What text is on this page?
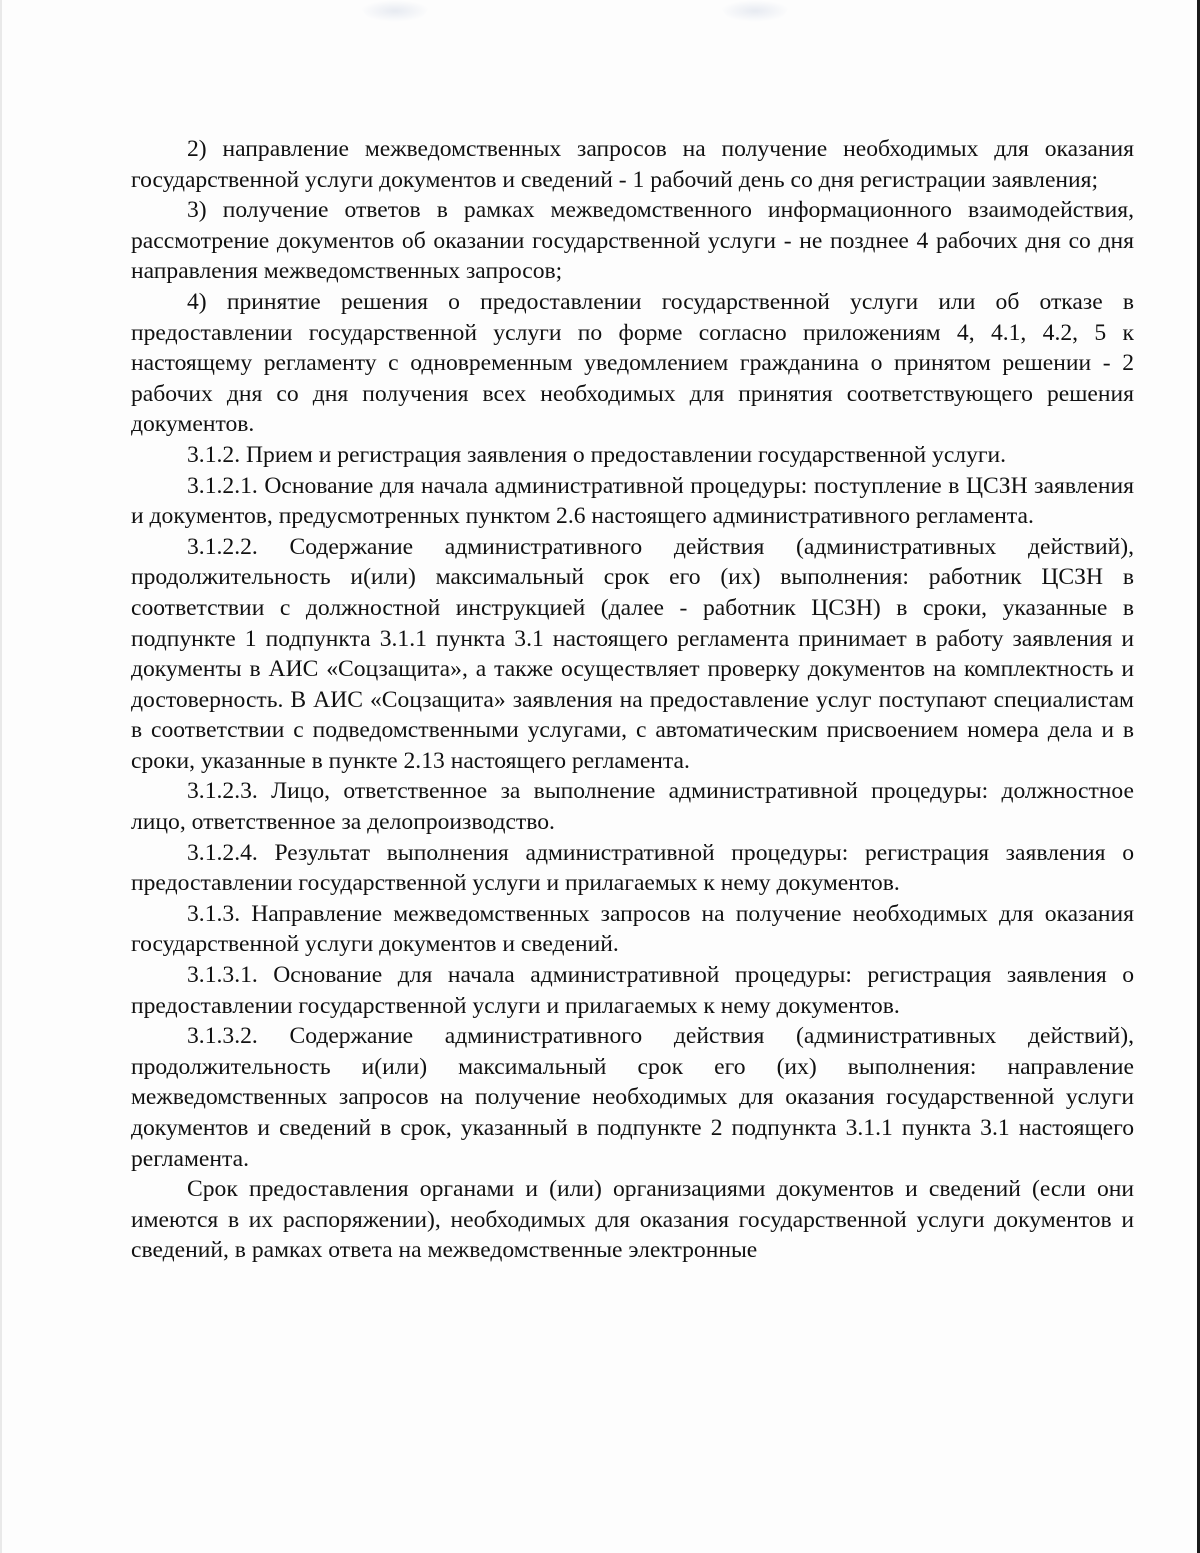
2) направление межведомственных запросов на получение необходимых для оказания государственной услуги документов и сведений - 1 рабочий день со дня регистрации заявления;

3) получение ответов в рамках межведомственного информационного взаимодействия, рассмотрение документов об оказании государственной услуги - не позднее 4 рабочих дня со дня направления межведомственных запросов;

4) принятие решения о предоставлении государственной услуги или об отказе в предоставлении государственной услуги по форме согласно приложениям 4, 4.1, 4.2, 5 к настоящему регламенту с одновременным уведомлением гражданина о принятом решении - 2 рабочих дня со дня получения всех необходимых для принятия соответствующего решения документов.

3.1.2. Прием и регистрация заявления о предоставлении государственной услуги.

3.1.2.1. Основание для начала административной процедуры: поступление в ЦСЗН заявления и документов, предусмотренных пунктом 2.6 настоящего административного регламента.

3.1.2.2. Содержание административного действия (административных действий), продолжительность и(или) максимальный срок его (их) выполнения: работник ЦСЗН в соответствии с должностной инструкцией (далее - работник ЦСЗН) в сроки, указанные в подпункте 1 подпункта 3.1.1 пункта 3.1 настоящего регламента принимает в работу заявления и документы в АИС «Соцзащита», а также осуществляет проверку документов на комплектность и достоверность. В АИС «Соцзащита» заявления на предоставление услуг поступают специалистам в соответствии с подведомственными услугами, с автоматическим присвоением номера дела и в сроки, указанные в пункте 2.13 настоящего регламента.

3.1.2.3. Лицо, ответственное за выполнение административной процедуры: должностное лицо, ответственное за делопроизводство.

3.1.2.4. Результат выполнения административной процедуры: регистрация заявления о предоставлении государственной услуги и прилагаемых к нему документов.

3.1.3. Направление межведомственных запросов на получение необходимых для оказания государственной услуги документов и сведений.

3.1.3.1. Основание для начала административной процедуры: регистрация заявления о предоставлении государственной услуги и прилагаемых к нему документов.

3.1.3.2. Содержание административного действия (административных действий), продолжительность и(или) максимальный срок его (их) выполнения: направление межведомственных запросов на получение необходимых для оказания государственной услуги документов и сведений в срок, указанный в подпункте 2 подпункта 3.1.1 пункта 3.1 настоящего регламента.

Срок предоставления органами и (или) организациями документов и сведений (если они имеются в их распоряжении), необходимых для оказания государственной услуги документов и сведений, в рамках ответа на межведомственные электронные
